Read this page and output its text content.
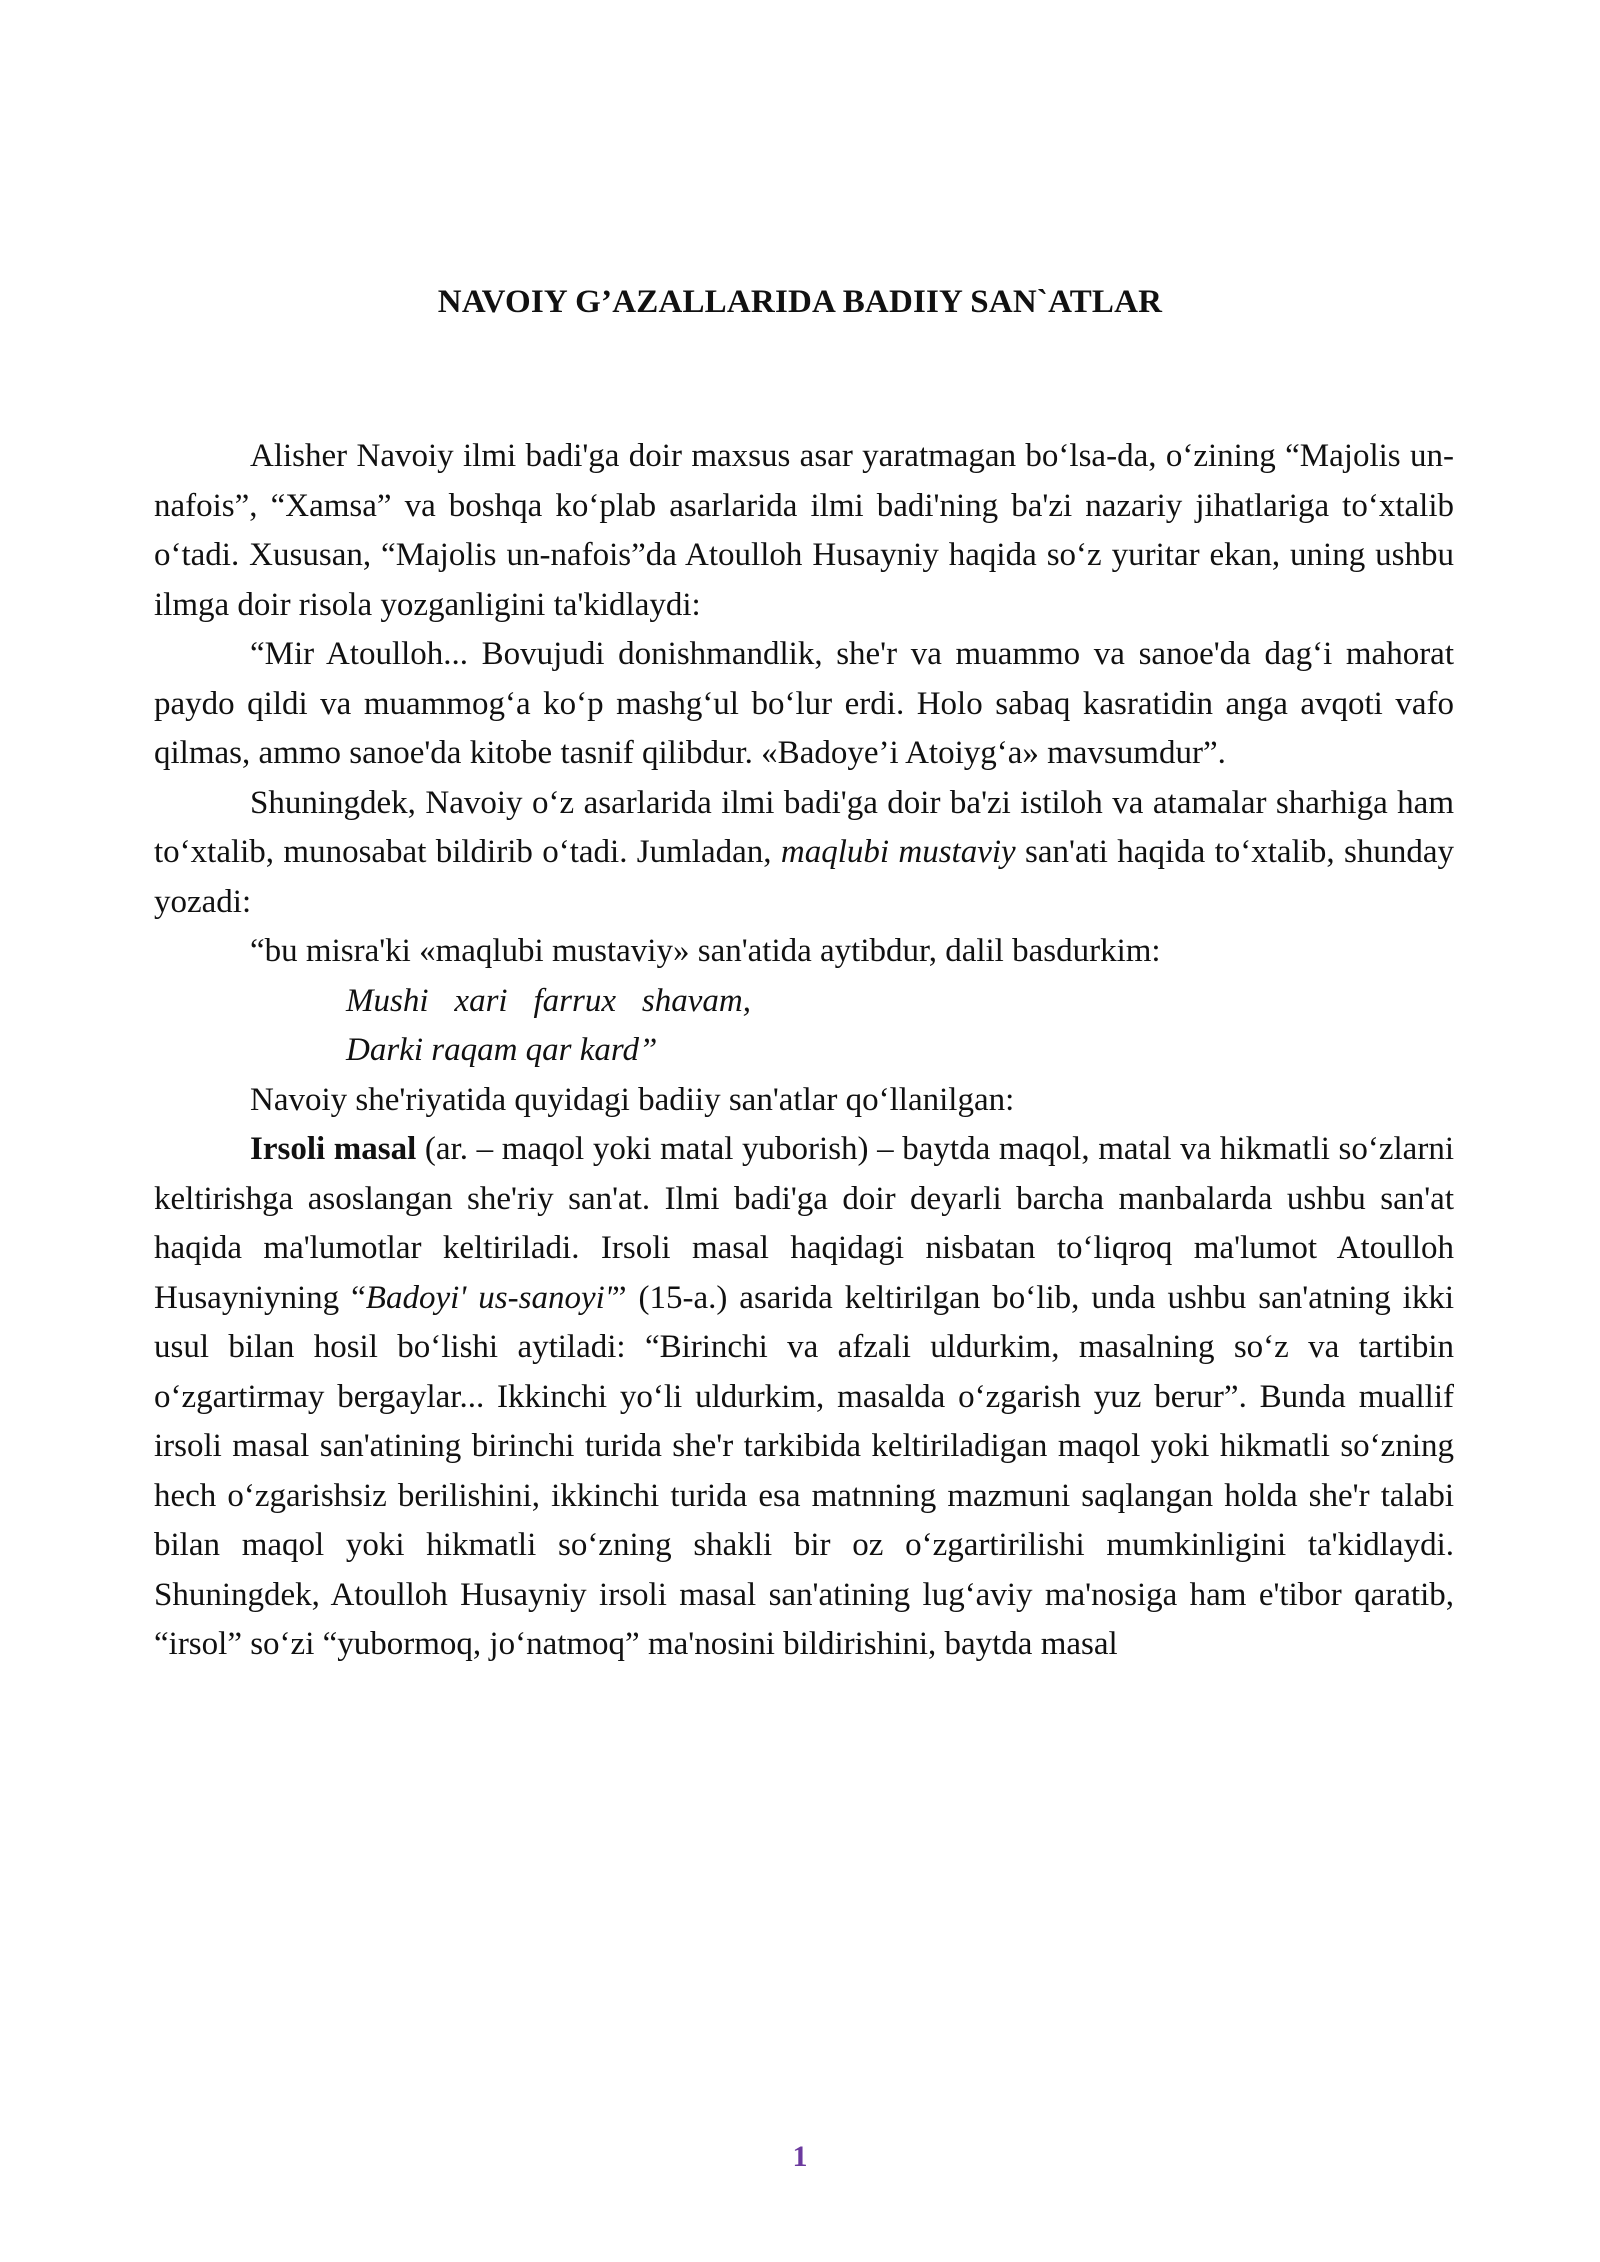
NAVOIY G’AZALLARIDA BADIIY SAN`ATLAR

Alisher Navoiy ilmi badi'ga doir maxsus asar yaratmagan bo‘lsa-da, o‘zining “Majolis un-nafois”, “Xamsa” va boshqa ko‘plab asarlarida ilmi badi'ning ba'zi nazariy jihatlariga to‘xtalib o‘tadi. Xususan, “Majolis un-nafois”da Atoulloh Husayniy haqida so‘z yuritar ekan, uning ushbu ilmga doir risola yozganligini ta'kidlaydi:

“Mir Atoulloh... Bovujudi donishmandlik, she'r va muammo va sanoe'da dag‘i mahorat paydo qildi va muammog‘a ko‘p mashg‘ul bo‘lur erdi. Holo sabaq kasratidin anga avqoti vafo qilmas, ammo sanoe'da kitobe tasnif qilibdur. «Badoye’i Atoiyg‘a» mavsumdur”.

Shuningdek, Navoiy o‘z asarlarida ilmi badi'ga doir ba'zi istiloh va atamalar sharhiga ham to‘xtalib, munosabat bildirib o‘tadi. Jumladan, maqlubi mustaviy san'ati haqida to‘xtalib, shunday yozadi:

“bu misra'ki «maqlubi mustaviy» san'atida aytibdur, dalil basdurkim:

Mushi xari farrux shavam, Darki raqam qar kard”

Navoiy she'riyatida quyidagi badiiy san'atlar qo‘llanilgan:

Irsoli masal (ar. – maqol yoki matal yuborish) – baytda maqol, matal va hikmatli so‘zlarni keltirishga asoslangan she'riy san'at. Ilmi badi'ga doir deyarli barcha manbalarda ushbu san'at haqida ma'lumotlar keltiriladi. Irsoli masal haqidagi nisbatan to‘liqroq ma'lumot Atoulloh Husayniyning “Badoyi' us-sanoyi'” (15-a.) asarida keltirilgan bo‘lib, unda ushbu san'atning ikki usul bilan hosil bo‘lishi aytiladi: “Birinchi va afzali uldurkim, masalning so‘z va tartibin o‘zgartirmay bergaylar... Ikkinchi yo‘li uldurkim, masalda o‘zgarish yuz berur”. Bunda muallif irsoli masal san'atining birinchi turida she'r tarkibida keltiriladigan maqol yoki hikmatli so‘zning hech o‘zgarishsiz berilishini, ikkinchi turida esa matnning mazmuni saqlangan holda she'r talabi bilan maqol yoki hikmatli so‘zning shakli bir oz o‘zgartirilishi mumkinligini ta'kidlaydi. Shuningdek, Atoulloh Husayniy irsoli masal san'atining lug‘aviy ma'nosiga ham e'tibor qaratib, “irsol” so‘zi “yubormoq, jo‘natmoq” ma'nosini bildirishini, baytda masal

1
